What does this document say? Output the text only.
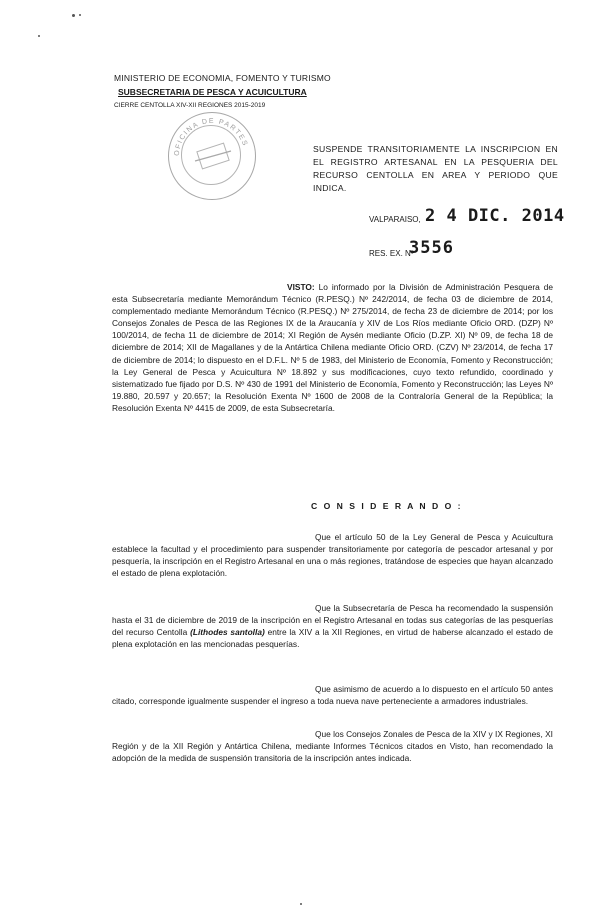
MINISTERIO DE ECONOMIA, FOMENTO Y TURISMO
SUBSECRETARIA DE PESCA Y ACUICULTURA
CIERRE CENTOLLA XIV-XII REGIONES 2015-2019
OFICINA DE PARTES
SUSPENDE TRANSITORIAMENTE LA INSCRIPCION EN EL REGISTRO ARTESANAL EN LA PESQUERIA DEL RECURSO CENTOLLA EN AREA Y PERIODO QUE INDICA.
VALPARAISO, 2 4 DIC. 2014
RES. EX. Nº
3556
VISTO: Lo informado por la División de Administración Pesquera de esta Subsecretaría mediante Memorándum Técnico (R.PESQ.) Nº 242/2014, de fecha 03 de diciembre de 2014, complementado mediante Memorándum Técnico (R.PESQ.) Nº 275/2014, de fecha 23 de diciembre de 2014; por los Consejos Zonales de Pesca de las Regiones IX de la Araucanía y XIV de Los Ríos mediante Oficio ORD. (DZP) Nº 100/2014, de fecha 11 de diciembre de 2014; XI Región de Aysén mediante Oficio (D.ZP. XI) Nº 09, de fecha 18 de diciembre de 2014; XII de Magallanes y de la Antártica Chilena mediante Oficio ORD. (CZV) Nº 23/2014, de fecha 17 de diciembre de 2014; lo dispuesto en el D.F.L. Nº 5 de 1983, del Ministerio de Economía, Fomento y Reconstrucción; la Ley General de Pesca y Acuicultura Nº 18.892 y sus modificaciones, cuyo texto refundido, coordinado y sistematizado fue fijado por D.S. Nº 430 de 1991 del Ministerio de Economía, Fomento y Reconstrucción; las Leyes Nº 19.880, 20.597 y 20.657; la Resolución Exenta Nº 1600 de 2008 de la Contraloría General de la República; la Resolución Exenta Nº 4415 de 2009, de esta Subsecretaría.
C O N S I D E R A N D O :
Que el artículo 50 de la Ley General de Pesca y Acuicultura establece la facultad y el procedimiento para suspender transitoriamente por categoría de pescador artesanal y por pesquería, la inscripción en el Registro Artesanal en una o más regiones, tratándose de especies que hayan alcanzado el estado de plena explotación.
Que la Subsecretaría de Pesca ha recomendado la suspensión hasta el 31 de diciembre de 2019 de la inscripción en el Registro Artesanal en todas sus categorías de las pesquerías del recurso Centolla (Lithodes santolla) entre la XIV a la XII Regiones, en virtud de haberse alcanzado el estado de plena explotación en las mencionadas pesquerías.
Que asimismo de acuerdo a lo dispuesto en el artículo 50 antes citado, corresponde igualmente suspender el ingreso a toda nueva nave perteneciente a armadores industriales.
Que los Consejos Zonales de Pesca de la XIV y IX Regiones, XI Región y de la XII Región y Antártica Chilena, mediante Informes Técnicos citados en Visto, han recomendado la adopción de la medida de suspensión transitoria de la inscripción antes indicada.
